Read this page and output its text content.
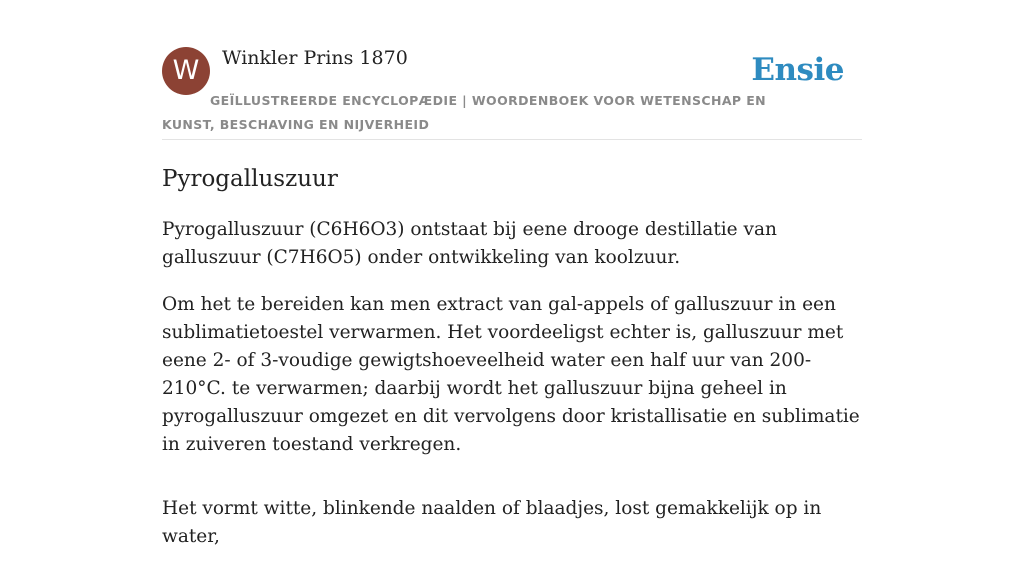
W	Winkler Prins 1870	Ensie
GEÏLLUSTREERDE ENCYCLOPÆDIE | WOORDENBOEK VOOR WETENSCHAP EN KUNST, BESCHAVING EN NIJVERHEID
Pyrogalluszuur

Pyrogalluszuur (C6H6O3) ontstaat bij eene drooge destillatie van galluszuur (C7H6O5) onder ontwikkeling van koolzuur.

Om het te bereiden kan men extract van gal-appels of galluszuur in een sublimatietoestel verwarmen. Het voordeeligst echter is, galluszuur met eene 2- of 3-voudige gewigtshoeveelheid water een half uur van 200-210°C. te verwarmen; daarbij wordt het galluszuur bijna geheel in pyrogalluszuur omgezet en dit vervolgens door kristallisatie en sublimatie in zuiveren toestand verkregen.

Het vormt witte, blinkende naalden of blaadjes, lost gemakkelijk op in water,
